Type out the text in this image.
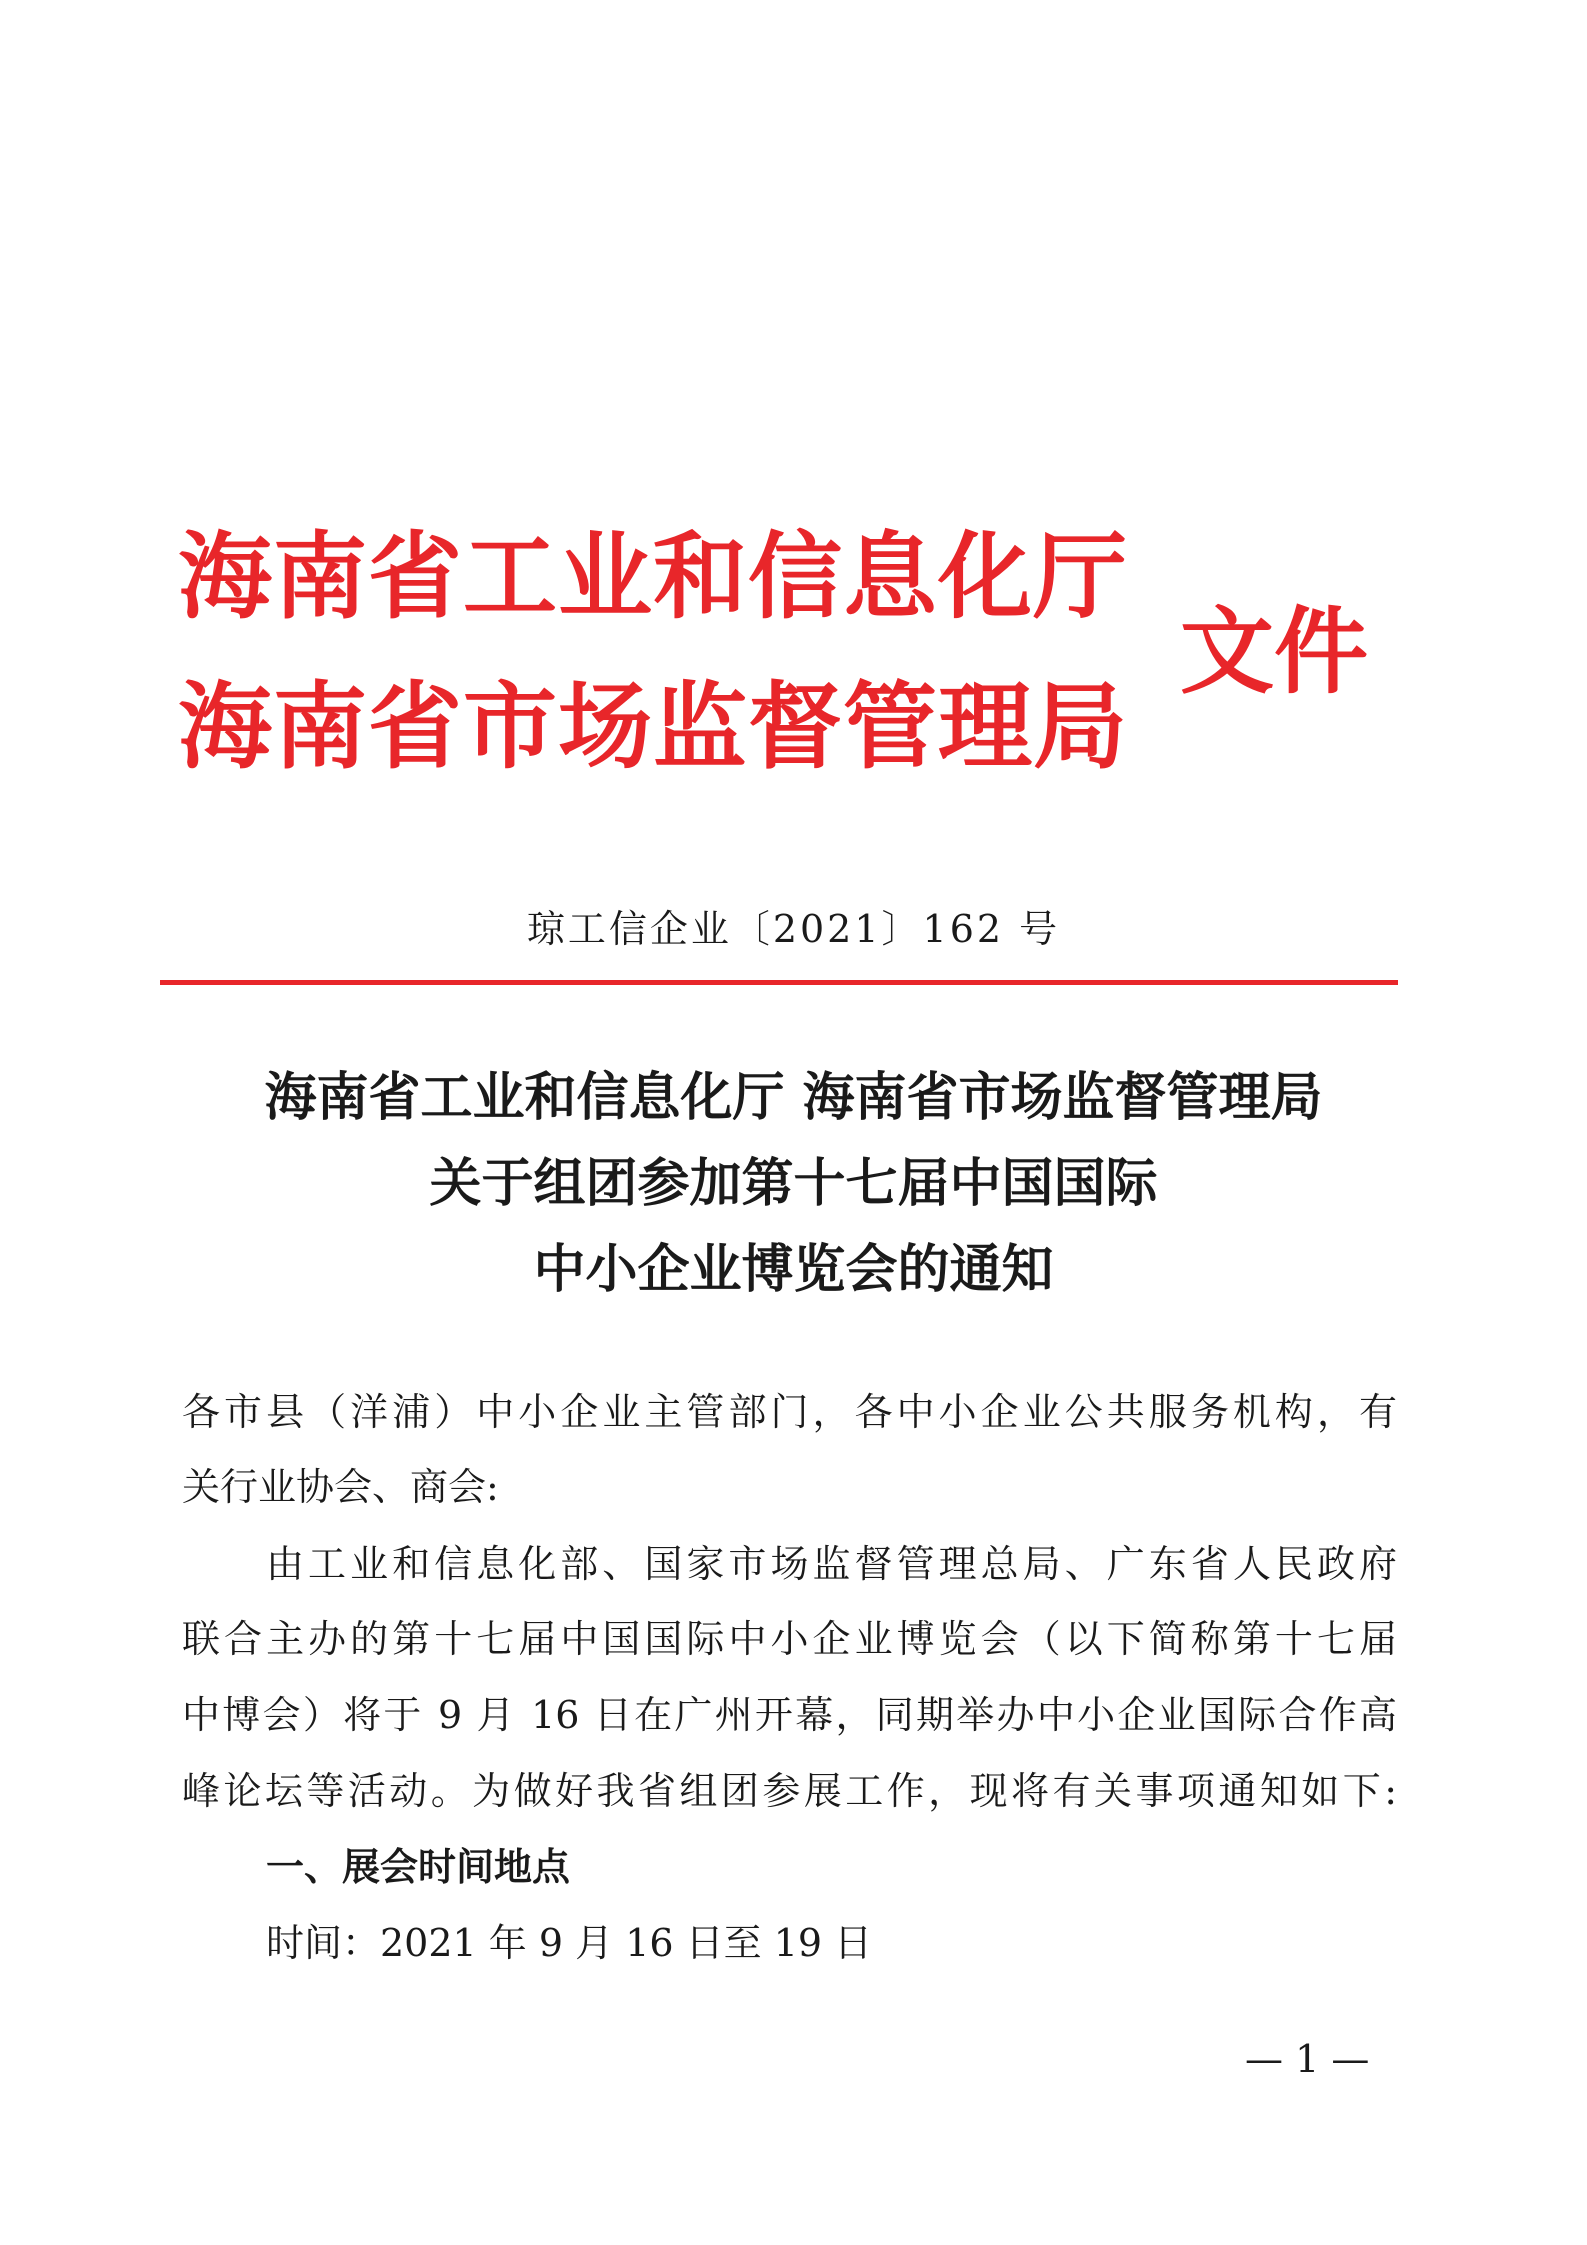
海南省工业和信息化厅
海南省市场监督管理局
文件
琼工信企业〔2021〕162 号
海南省工业和信息化厅 海南省市场监督管理局
关于组团参加第十七届中国国际
中小企业博览会的通知
各市县（洋浦）中小企业主管部门，各中小企业公共服务机构，有
关行业协会、商会:
由工业和信息化部、国家市场监督管理总局、广东省人民政府
联合主办的第十七届中国国际中小企业博览会（以下简称第十七届
中博会）将于 9 月 16 日在广州开幕，同期举办中小企业国际合作高
峰论坛等活动。为做好我省组团参展工作，现将有关事项通知如下:
一、展会时间地点
时间：2021 年 9 月 16 日至 19 日
— 1 —
